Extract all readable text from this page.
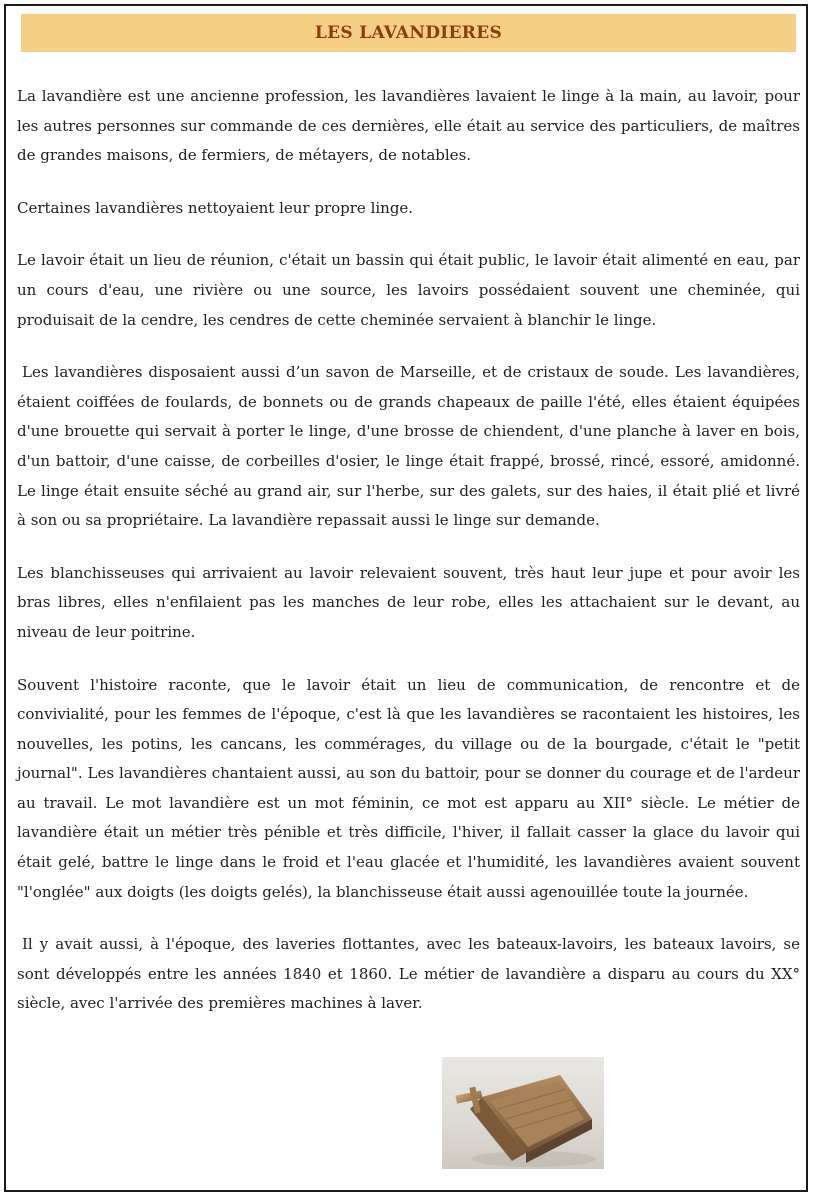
LES LAVANDIERES

La lavandière est une ancienne profession, les lavandières lavaient le linge à la main, au lavoir, pour les autres personnes sur commande de ces dernières, elle était au service des particuliers, de maîtres de grandes maisons, de fermiers, de métayers, de notables.

Certaines lavandières nettoyaient leur propre linge.

Le lavoir était un lieu de réunion, c'était un bassin qui était public, le lavoir était alimenté en eau, par un cours d'eau, une rivière ou une source, les lavoirs possédaient souvent une cheminée, qui produisait de la cendre, les cendres de cette cheminée servaient à blanchir le linge.

Les lavandières disposaient aussi d’un savon de Marseille, et de cristaux de soude. Les lavandières, étaient coiffées de foulards, de bonnets ou de grands chapeaux de paille l'été, elles étaient équipées d'une brouette qui servait à porter le linge, d'une brosse de chiendent, d'une planche à laver en bois, d'un battoir, d'une caisse, de corbeilles d'osier, le linge était frappé, brossé, rincé, essoré, amidonné. Le linge était ensuite séché au grand air, sur l'herbe, sur des galets, sur des haies, il était plié et livré à son ou sa propriétaire. La lavandière repassait aussi le linge sur demande.

Les blanchisseuses qui arrivaient au lavoir relevaient souvent, très haut leur jupe et pour avoir les bras libres, elles n'enfilaient pas les manches de leur robe, elles les attachaient sur le devant, au niveau de leur poitrine.

Souvent l'histoire raconte, que le lavoir était un lieu de communication, de rencontre et de convivialité, pour les femmes de l'époque, c'est là que les lavandières se racontaient les histoires, les nouvelles, les potins, les cancans, les commérages, du village ou de la bourgade, c'était le "petit journal". Les lavandières chantaient aussi, au son du battoir, pour se donner du courage et de l'ardeur au travail. Le mot lavandière est un mot féminin, ce mot est apparu au XII° siècle. Le métier de lavandière était un métier très pénible et très difficile, l'hiver, il fallait casser la glace du lavoir qui était gelé, battre le linge dans le froid et l'eau glacée et l'humidité, les lavandières avaient souvent "l'onglée" aux doigts (les doigts gelés), la blanchisseuse était aussi agenouillée toute la journée.

Il y avait aussi, à l'époque, des laveries flottantes, avec les bateaux-lavoirs, les bateaux lavoirs, se sont développés entre les années 1840 et 1860. Le métier de lavandière a disparu au cours du XX° siècle, avec l'arrivée des premières machines à laver.
